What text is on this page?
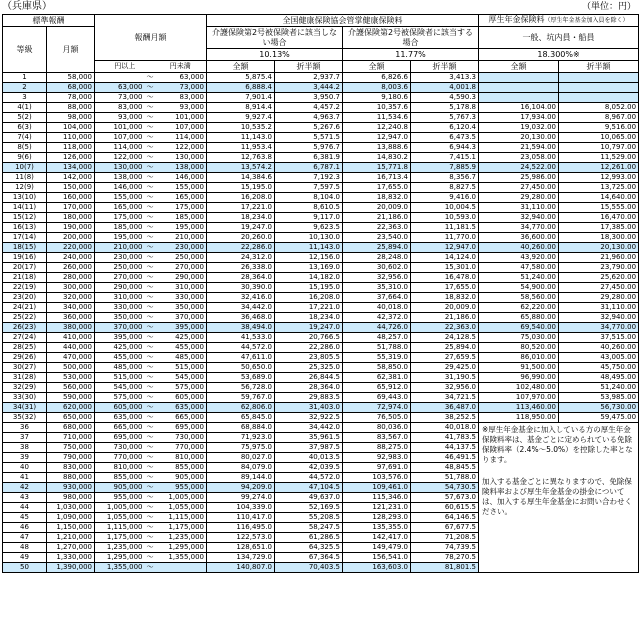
（兵庫県）	（単位：円）
標準報酬		報酬月額			全国健康保険協会管掌健康保険料				厚生年金保険料（厚生年金基金加入員を除く）	
等級	月額				介護保険第2号被保険者に該当しない場合		介護保険第2号被保険者に該当する場合		一般、坑内員・船員	
					10.13%		11.77%		18.300%※	
		円以上		円未満	全額	折半額	全額	折半額	全額	折半額
1	58,000		～	63,000	5,875.4	2,937.7	6,826.6	3,413.3		
2	68,000	63,000	～	73,000	6,888.4	3,444.2	8,003.6	4,001.8		
3	78,000	73,000	～	83,000	7,901.4	3,950.7	9,180.6	4,590.3		
4(1)	88,000	83,000	～	93,000	8,914.4	4,457.2	10,357.6	5,178.8	16,104.00	8,052.00
5(2)	98,000	93,000	～	101,000	9,927.4	4,963.7	11,534.6	5,767.3	17,934.00	8,967.00
6(3)	104,000	101,000	～	107,000	10,535.2	5,267.6	12,240.8	6,120.4	19,032.00	9,516.00
7(4)	110,000	107,000	～	114,000	11,143.0	5,571.5	12,947.0	6,473.5	20,130.00	10,065.00
8(5)	118,000	114,000	～	122,000	11,953.4	5,976.7	13,888.6	6,944.3	21,594.00	10,797.00
9(6)	126,000	122,000	～	130,000	12,763.8	6,381.9	14,830.2	7,415.1	23,058.00	11,529.00
10(7)	134,000	130,000	～	138,000	13,574.2	6,787.1	15,771.8	7,885.9	24,522.00	12,261.00
11(8)	142,000	138,000	～	146,000	14,384.6	7,192.3	16,713.4	8,356.7	25,986.00	12,993.00
12(9)	150,000	146,000	～	155,000	15,195.0	7,597.5	17,655.0	8,827.5	27,450.00	13,725.00
13(10)	160,000	155,000	～	165,000	16,208.0	8,104.0	18,832.0	9,416.0	29,280.00	14,640.00
14(11)	170,000	165,000	～	175,000	17,221.0	8,610.5	20,009.0	10,004.5	31,110.00	15,555.00
15(12)	180,000	175,000	～	185,000	18,234.0	9,117.0	21,186.0	10,593.0	32,940.00	16,470.00
16(13)	190,000	185,000	～	195,000	19,247.0	9,623.5	22,363.0	11,181.5	34,770.00	17,385.00
17(14)	200,000	195,000	～	210,000	20,260.0	10,130.0	23,540.0	11,770.0	36,600.00	18,300.00
18(15)	220,000	210,000	～	230,000	22,286.0	11,143.0	25,894.0	12,947.0	40,260.00	20,130.00
19(16)	240,000	230,000	～	250,000	24,312.0	12,156.0	28,248.0	14,124.0	43,920.00	21,960.00
20(17)	260,000	250,000	～	270,000	26,338.0	13,169.0	30,602.0	15,301.0	47,580.00	23,790.00
21(18)	280,000	270,000	～	290,000	28,364.0	14,182.0	32,956.0	16,478.0	51,240.00	25,620.00
22(19)	300,000	290,000	～	310,000	30,390.0	15,195.0	35,310.0	17,655.0	54,900.00	27,450.00
23(20)	320,000	310,000	～	330,000	32,416.0	16,208.0	37,664.0	18,832.0	58,560.00	29,280.00
24(21)	340,000	330,000	～	350,000	34,442.0	17,221.0	40,018.0	20,009.0	62,220.00	31,110.00
25(22)	360,000	350,000	～	370,000	36,468.0	18,234.0	42,372.0	21,186.0	65,880.00	32,940.00
26(23)	380,000	370,000	～	395,000	38,494.0	19,247.0	44,726.0	22,363.0	69,540.00	34,770.00
27(24)	410,000	395,000	～	425,000	41,533.0	20,766.5	48,257.0	24,128.5	75,030.00	37,515.00
28(25)	440,000	425,000	～	455,000	44,572.0	22,286.0	51,788.0	25,894.0	80,520.00	40,260.00
29(26)	470,000	455,000	～	485,000	47,611.0	23,805.5	55,319.0	27,659.5	86,010.00	43,005.00
30(27)	500,000	485,000	～	515,000	50,650.0	25,325.0	58,850.0	29,425.0	91,500.00	45,750.00
31(28)	530,000	515,000	～	545,000	53,689.0	26,844.5	62,381.0	31,190.5	96,990.00	48,495.00
32(29)	560,000	545,000	～	575,000	56,728.0	28,364.0	65,912.0	32,956.0	102,480.00	51,240.00
33(30)	590,000	575,000	～	605,000	59,767.0	29,883.5	69,443.0	34,721.5	107,970.00	53,985.00
34(31)	620,000	605,000	～	635,000	62,806.0	31,403.0	72,974.0	36,487.0	113,460.00	56,730.00
35(32)	650,000	635,000	～	665,000	65,845.0	32,922.5	76,505.0	38,252.5	118,950.00	59,475.00
36	680,000	665,000	～	695,000	68,884.0	34,442.0	80,036.0	40,018.0	※厚生年金基金に加入している方の厚生年金保険料率は、基金ごとに定められている免除保険料率（2.4%～5.0%）を控除した率となります。

加入する基金ごとに異なりますので、免除保険料率および厚生年金基金の掛金については、加入する厚生年金基金にお問い合わせください。	

37	710,000	695,000	～	730,000	71,923.0	35,961.5	83,567.0	41,783.5		
38	750,000	730,000	～	770,000	75,975.0	37,987.5	88,275.0	44,137.5		
39	790,000	770,000	～	810,000	80,027.0	40,013.5	92,983.0	46,491.5		
40	830,000	810,000	～	855,000	84,079.0	42,039.5	97,691.0	48,845.5		
41	880,000	855,000	～	905,000	89,144.0	44,572.0	103,576.0	51,788.0		
42	930,000	905,000	～	955,000	94,209.0	47,104.5	109,461.0	54,730.5		
43	980,000	955,000	～	1,005,000	99,274.0	49,637.0	115,346.0	57,673.0		
44	1,030,000	1,005,000	～	1,055,000	104,339.0	52,169.5	121,231.0	60,615.5		
45	1,090,000	1,055,000	～	1,115,000	110,417.0	55,208.5	128,293.0	64,146.5		
46	1,150,000	1,115,000	～	1,175,000	116,495.0	58,247.5	135,355.0	67,677.5		
47	1,210,000	1,175,000	～	1,235,000	122,573.0	61,286.5	142,417.0	71,208.5		
48	1,270,000	1,235,000	～	1,295,000	128,651.0	64,325.5	149,479.0	74,739.5		
49	1,330,000	1,295,000	～	1,355,000	134,729.0	67,364.5	156,541.0	78,270.5		
50	1,390,000	1,355,000	～		140,807.0	70,403.5	163,603.0	81,801.5		
